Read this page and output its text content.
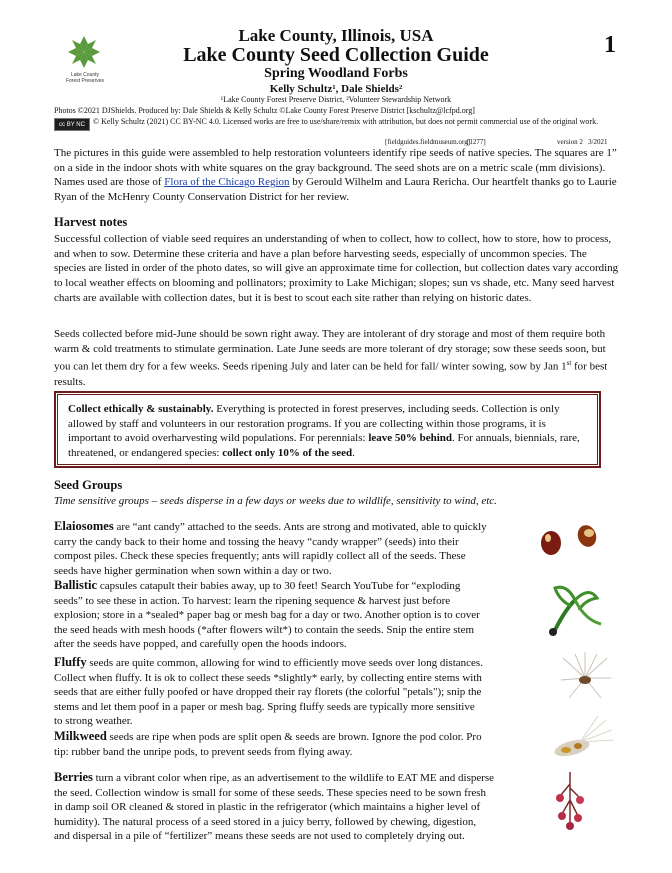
Lake County
Forest Preserves
Lake County, Illinois, USA
Lake County Seed Collection Guide
Spring Woodland Forbs
Kelly Schultz¹, Dale Shields²
¹Lake County Forest Preserve District, ²Volunteer Stewardship Network
1
Photos ©2021 DJShields. Produced by: Dale Shields & Kelly Schultz ©Lake County Forest Preserve District [kschultz@lcfpd.org]
cc BY NC	© Kelly Schultz (2021) CC BY-NC 4.0. Licensed works are free to use/share/remix with attribution, but does not permit commercial use of the original work.
[fieldguides.fieldmuseum.org]
[1277]	version 2 3/2021
The pictures in this guide were assembled to help restoration volunteers identify ripe seeds of native species. The squares are 1” on a side in the indoor shots with white squares on the gray background. The seed shots are on a metric scale (mm divisions). Names used are those of Flora of the Chicago Region by Gerould Wilhelm and Laura Rericha. Our heartfelt thanks go to Laurie Ryan of the McHenry County Conservation District for her review.
Harvest notes
Successful collection of viable seed requires an understanding of when to collect, how to collect, how to store, how to process, and when to sow. Determine these criteria and have a plan before harvesting seeds, especially of uncommon species. The species are listed in order of the photo dates, so will give an approximate time for collection, but collection dates vary according to local weather effects on blooming and pollinators; proximity to Lake Michigan; slopes; sun vs shade, etc. Many seed harvest charts are available with collection dates, but it is best to scout each site rather than relying on historic dates.
Seeds collected before mid-June should be sown right away. They are intolerant of dry storage and most of them require both warm & cold treatments to stimulate germination. Late June seeds are more tolerant of dry storage; sow these seeds soon, but you can let them dry for a few weeks. Seeds ripening July and later can be held for fall/ winter sowing, sow by Jan 1st for best results.
Collect ethically & sustainably. Everything is protected in forest preserves, including seeds. Collection is only allowed by staff and volunteers in our restoration programs. If you are collecting within those programs, it is important to avoid overharvesting wild populations. For perennials: leave 50% behind. For annuals, biennials, rare, threatened, or endangered species: collect only 10% of the seed.
Seed Groups
Time sensitive groups – seeds disperse in a few days or weeks due to wildlife, sensitivity to wind, etc.
Elaiosomes are “ant candy” attached to the seeds. Ants are strong and motivated, able to quickly
carry the candy back to their home and tossing the heavy “candy wrapper” (seeds) into their
compost piles. Check these species frequently; ants will rapidly collect all of the seeds. These
seeds have higher germination when sown within a day or two.
Ballistic capsules catapult their babies away, up to 30 feet! Search YouTube for “exploding
seeds” to see these in action. To harvest: learn the ripening sequence & harvest just before
explosion; store in a *sealed* paper bag or mesh bag for a day or two. Another option is to cover
the seed heads with mesh hoods (*after flowers wilt*) to contain the seeds. Snip the entire stem
after the seeds have popped, and carefully open the hoods indoors.
Fluffy seeds are quite common, allowing for wind to efficiently move seeds over long distances.
Collect when fluffy. It is ok to collect these seeds *slightly* early, by collecting entire stems with
seeds that are either fully poofed or have dropped their ray florets (the colorful "petals"); snip the
stems and let them poof in a paper or mesh bag. Spring fluffy seeds are typically more sensitive
to strong weather.
Milkweed seeds are ripe when pods are split open & seeds are brown. Ignore the pod color. Pro
tip: rubber band the unripe pods, to prevent seeds from flying away.
Berries turn a vibrant color when ripe, as an advertisement to the wildlife to EAT ME and disperse
the seed. Collection window is small for some of these seeds. These species need to be sown fresh
in damp soil OR cleaned & stored in plastic in the refrigerator (which maintains a higher level of
humidity). The natural process of a seed stored in a juicy berry, followed by chewing, digestion,
and dispersal in a pile of “fertilizer” means these seeds are not used to completely drying out.
